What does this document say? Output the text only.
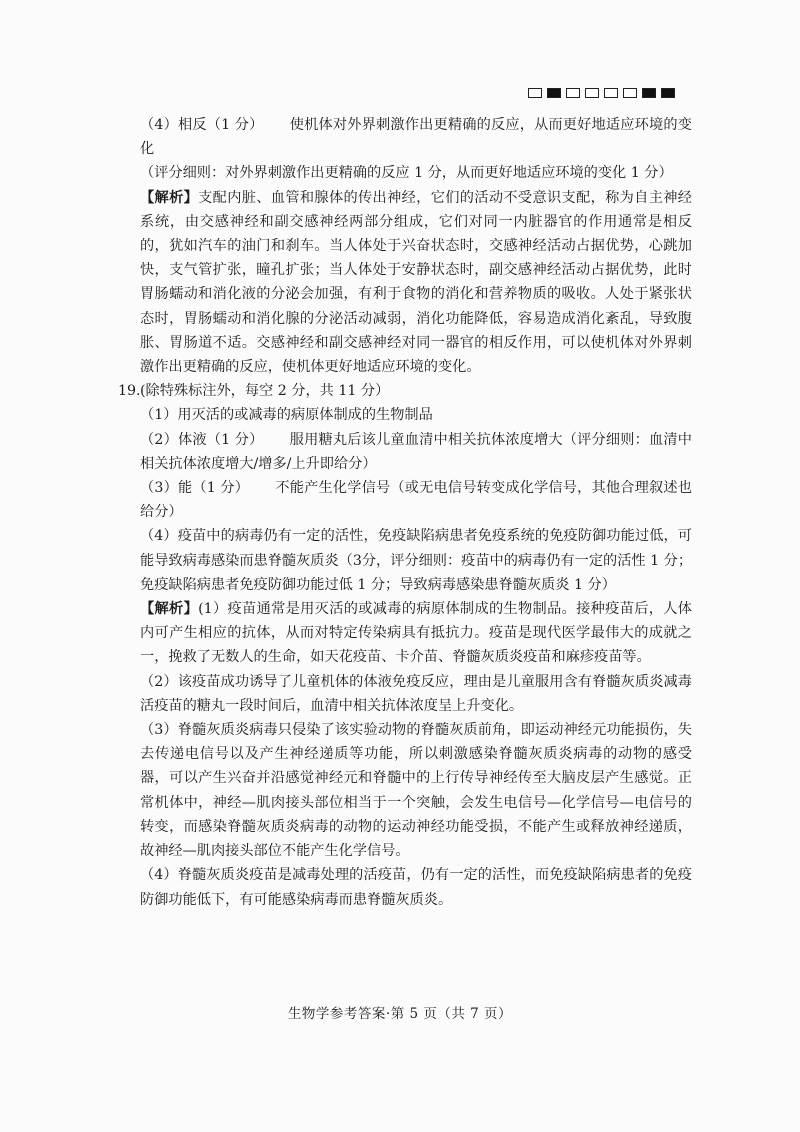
（4）相反（1 分） 使机体对外界刺激作出更精确的反应，从而更好地适应环境的变化

（评分细则：对外界刺激作出更精确的反应 1 分，从而更好地适应环境的变化 1 分）

【解析】支配内脏、血管和腺体的传出神经，它们的活动不受意识支配，称为自主神经系统，由交感神经和副交感神经两部分组成，它们对同一内脏器官的作用通常是相反的，犹如汽车的油门和刹车。当人体处于兴奋状态时，交感神经活动占据优势，心跳加快，支气管扩张，瞳孔扩张；当人体处于安静状态时，副交感神经活动占据优势，此时胃肠蠕动和消化液的分泌会加强，有利于食物的消化和营养物质的吸收。人处于紧张状态时，胃肠蠕动和消化腺的分泌活动减弱，消化功能降低，容易造成消化紊乱，导致腹胀、胃肠道不适。交感神经和副交感神经对同一器官的相反作用，可以使机体对外界刺激作出更精确的反应，使机体更好地适应环境的变化。

19.(除特殊标注外，每空 2 分，共 11 分）

（1）用灭活的或减毒的病原体制成的生物制品

（2）体液（1 分） 服用糖丸后该儿童血清中相关抗体浓度增大（评分细则：血清中相关抗体浓度增大/增多/上升即给分）

（3）能（1 分） 不能产生化学信号（或无电信号转变成化学信号，其他合理叙述也给分）

（4）疫苗中的病毒仍有一定的活性，免疫缺陷病患者免疫系统的免疫防御功能过低，可能导致病毒感染而患脊髓灰质炎（3分，评分细则：疫苗中的病毒仍有一定的活性 1 分；免疫缺陷病患者免疫防御功能过低 1 分；导致病毒感染患脊髓灰质炎 1 分）

【解析】(1）疫苗通常是用灭活的或减毒的病原体制成的生物制品。接种疫苗后，人体内可产生相应的抗体，从而对特定传染病具有抵抗力。疫苗是现代医学最伟大的成就之一，挽救了无数人的生命，如天花疫苗、卡介苗、脊髓灰质炎疫苗和麻疹疫苗等。

（2）该疫苗成功诱导了儿童机体的体液免疫反应，理由是儿童服用含有脊髓灰质炎减毒活疫苗的糖丸一段时间后，血清中相关抗体浓度呈上升变化。

（3）脊髓灰质炎病毒只侵染了该实验动物的脊髓灰质前角，即运动神经元功能损伤，失去传递电信号以及产生神经递质等功能，所以刺激感染脊髓灰质炎病毒的动物的感受器，可以产生兴奋并沿感觉神经元和脊髓中的上行传导神经传至大脑皮层产生感觉。正常机体中，神经—肌肉接头部位相当于一个突触，会发生电信号—化学信号—电信号的转变，而感染脊髓灰质炎病毒的动物的运动神经功能受损，不能产生或释放神经递质，故神经—肌肉接头部位不能产生化学信号。

（4）脊髓灰质炎疫苗是减毒处理的活疫苗，仍有一定的活性，而免疫缺陷病患者的免疫防御功能低下，有可能感染病毒而患脊髓灰质炎。

生物学参考答案·第 5 页（共 7 页）
